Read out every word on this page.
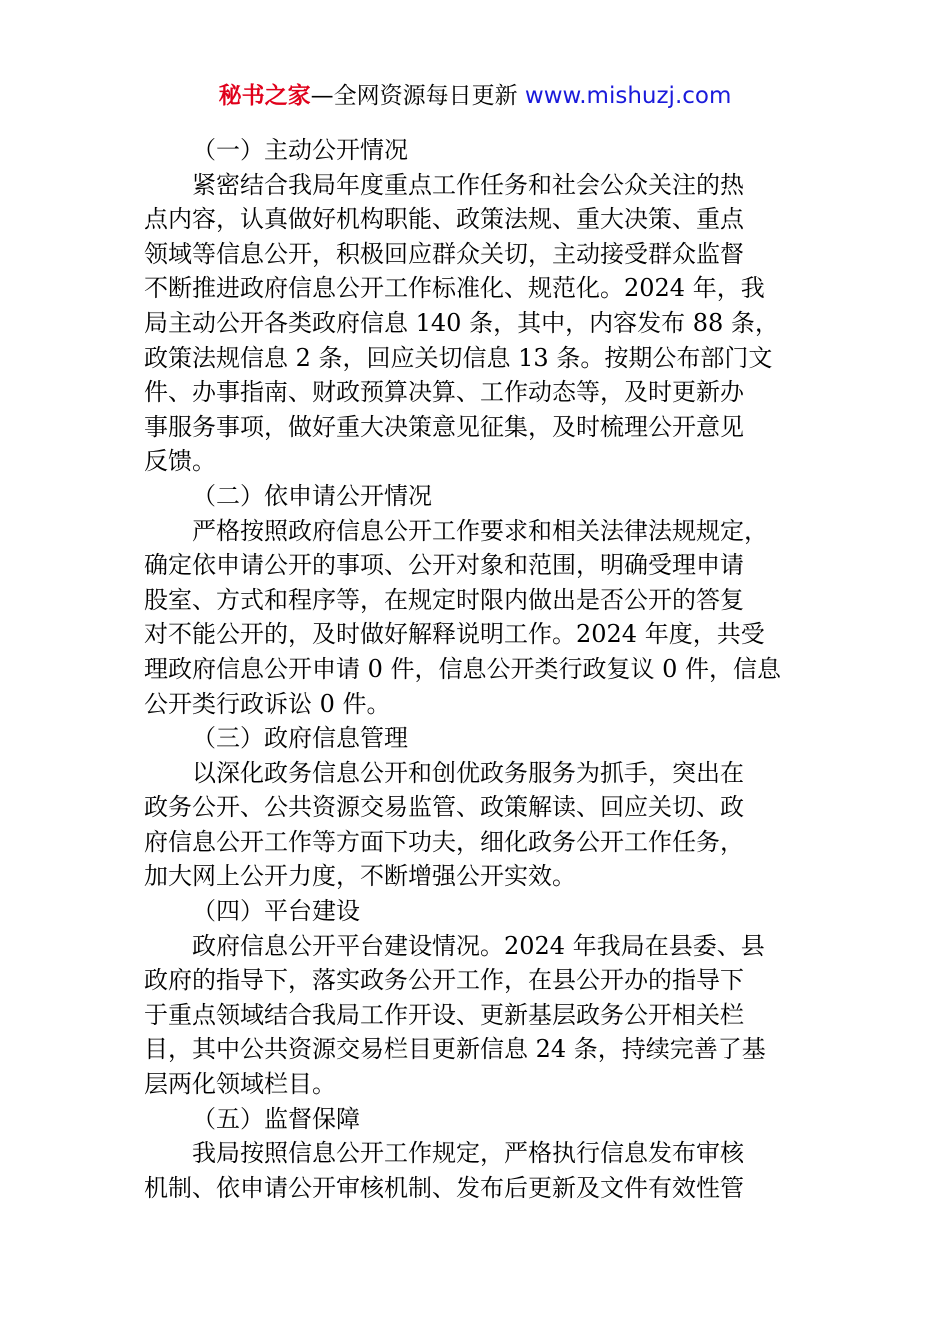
秘书之家—全网资源每日更新 www.mishuzj.com
（一）主动公开情况
紧密结合我局年度重点工作任务和社会公众关注的热
点内容，认真做好机构职能、政策法规、重大决策、重点
领域等信息公开，积极回应群众关切，主动接受群众监督
不断推进政府信息公开工作标准化、规范化。2024 年，我
局主动公开各类政府信息 140 条，其中，内容发布 88 条，
政策法规信息 2 条，回应关切信息 13 条。按期公布部门文
件、办事指南、财政预算决算、工作动态等，及时更新办
事服务事项，做好重大决策意见征集，及时梳理公开意见
反馈。
（二）依申请公开情况
严格按照政府信息公开工作要求和相关法律法规规定，
确定依申请公开的事项、公开对象和范围，明确受理申请
股室、方式和程序等，在规定时限内做出是否公开的答复
对不能公开的，及时做好解释说明工作。2024 年度，共受
理政府信息公开申请 0 件，信息公开类行政复议 0 件，信息
公开类行政诉讼 0 件。
（三）政府信息管理
以深化政务信息公开和创优政务服务为抓手，突出在
政务公开、公共资源交易监管、政策解读、回应关切、政
府信息公开工作等方面下功夫，细化政务公开工作任务，
加大网上公开力度，不断增强公开实效。
（四）平台建设
政府信息公开平台建设情况。2024 年我局在县委、县
政府的指导下，落实政务公开工作，在县公开办的指导下
于重点领域结合我局工作开设、更新基层政务公开相关栏
目，其中公共资源交易栏目更新信息 24 条，持续完善了基
层两化领域栏目。
（五）监督保障
我局按照信息公开工作规定，严格执行信息发布审核
机制、依申请公开审核机制、发布后更新及文件有效性管
